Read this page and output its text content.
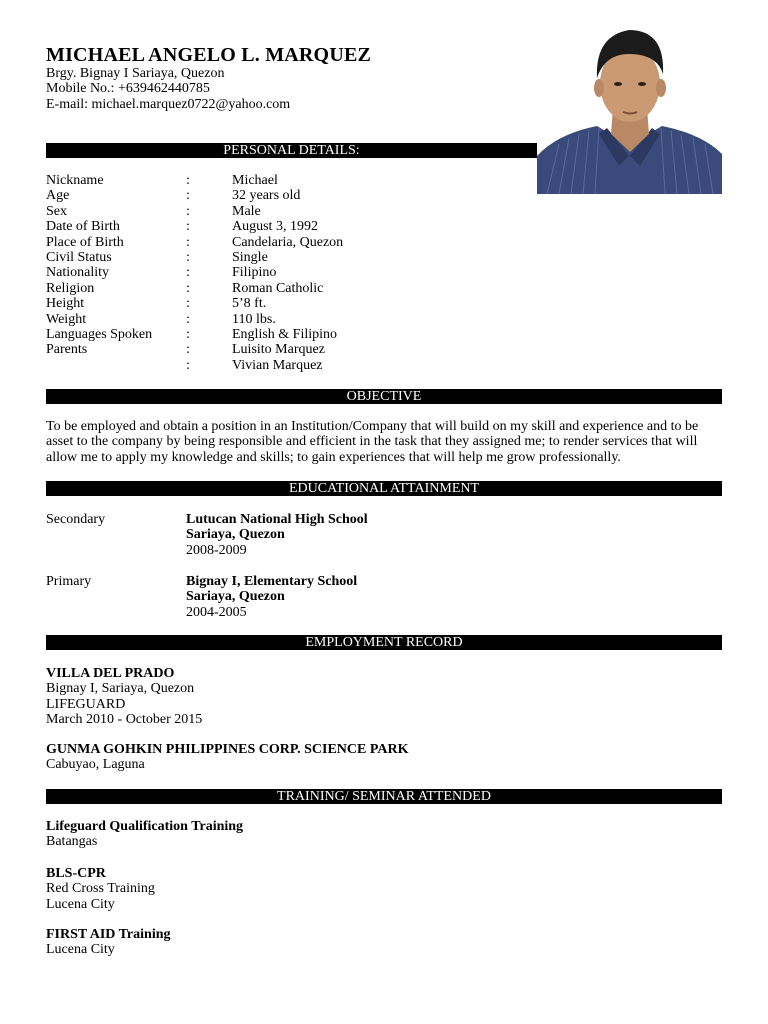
MICHAEL ANGELO L. MARQUEZ
Brgy. Bignay I Sariaya, Quezon
Mobile No.: +639462440785
E-mail: michael.marquez0722@yahoo.com
PERSONAL DETAILS:
Nickname	:	Michael
Age	:	32 years old
Sex	:	Male
Date of Birth	:	August 3, 1992
Place of Birth	:	Candelaria, Quezon
Civil Status	:	Single
Nationality	:	Filipino
Religion	:	Roman Catholic
Height	:	5’8 ft.
Weight	:	110 lbs.
Languages Spoken :	English & Filipino
Parents	:	Luisito Marquez
:	Vivian Marquez
OBJECTIVE
To be employed and obtain a position in an Institution/Company that will build on my skill and experience and to be asset to the company by being responsible and efficient in the task that they assigned me; to render services that will allow me to apply my knowledge and skills; to gain experiences that will help me grow professionally.
EDUCATIONAL ATTAINMENT
Secondary	Lutucan National High School
Sariaya, Quezon
2008-2009
Primary	Bignay I, Elementary School
Sariaya, Quezon
2004-2005
EMPLOYMENT RECORD
VILLA DEL PRADO
Bignay I, Sariaya, Quezon
LIFEGUARD
March 2010 - October 2015
GUNMA GOHKIN PHILIPPINES CORP. SCIENCE PARK
Cabuyao, Laguna
TRAINING/ SEMINAR ATTENDED
Lifeguard Qualification Training
Batangas
BLS-CPR
Red Cross Training
Lucena City
FIRST AID Training
Lucena City
